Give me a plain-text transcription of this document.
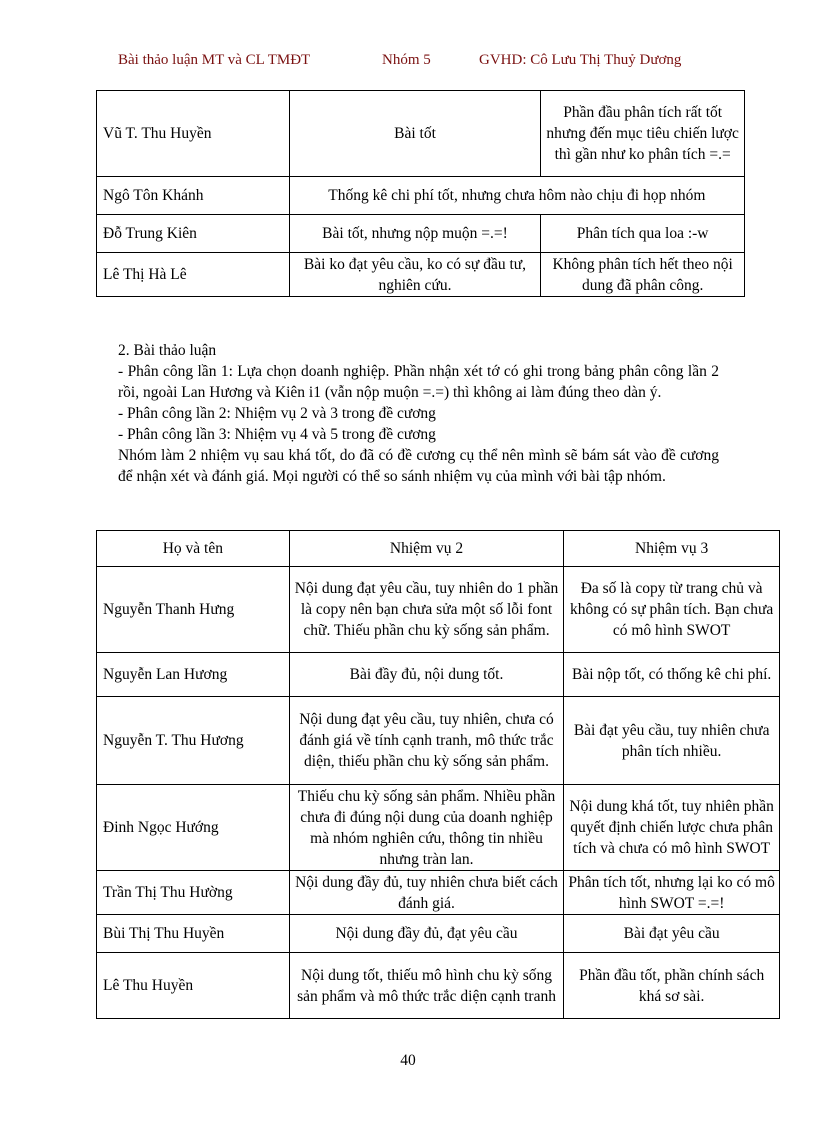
Bài thảo luận MT và CL TMĐT	Nhóm 5	GVHD: Cô Lưu Thị Thuỷ Dương
Vũ T. Thu Huyền	Bài tốt	Phần đầu phân tích rất tốt nhưng đến mục tiêu chiến lược thì gần như ko phân tích =.=
Ngô Tôn Khánh	Thống kê chi phí tốt, nhưng chưa hôm nào chịu đi họp nhóm	
Đỗ Trung Kiên	Bài tốt, nhưng nộp muộn =.=!	Phân tích qua loa :-w
Lê Thị Hà Lê	Bài ko đạt yêu cầu, ko có sự đầu tư, nghiên cứu.	Không phân tích hết theo nội dung đã phân công.

2. Bài thảo luận

- Phân công lần 1: Lựa chọn doanh nghiệp. Phần nhận xét tớ có ghi trong bảng phân công lần 2 rồi, ngoài Lan Hương và Kiên i1 (vẫn nộp muộn =.=) thì không ai làm đúng theo dàn ý.

- Phân công lần 2: Nhiệm vụ 2 và 3 trong đề cương

- Phân công lần 3: Nhiệm vụ 4 và 5 trong đề cương

Nhóm làm 2 nhiệm vụ sau khá tốt, do đã có đề cương cụ thể nên mình sẽ bám sát vào đề cương để nhận xét và đánh giá. Mọi người có thể so sánh nhiệm vụ của mình với bài tập nhóm.

Họ và tên	Nhiệm vụ 2	Nhiệm vụ 3
Nguyễn Thanh Hưng	Nội dung đạt yêu cầu, tuy nhiên do 1 phần là copy nên bạn chưa sửa một số lỗi font chữ. Thiếu phần chu kỳ sống sản phẩm.	Đa số là copy từ trang chủ và không có sự phân tích. Bạn chưa có mô hình SWOT
Nguyễn Lan Hương	Bài đầy đủ, nội dung tốt.	Bài nộp tốt, có thống kê chi phí.
Nguyễn T. Thu Hương	Nội dung đạt yêu cầu, tuy nhiên, chưa có đánh giá về tính cạnh tranh, mô thức trắc diện, thiếu phần chu kỳ sống sản phẩm.	Bài đạt yêu cầu, tuy nhiên chưa phân tích nhiều.
Đinh Ngọc Hướng	Thiếu chu kỳ sống sản phẩm. Nhiều phần chưa đi đúng nội dung của doanh nghiệp mà nhóm nghiên cứu, thông tin nhiều nhưng tràn lan.	Nội dung khá tốt, tuy nhiên phần quyết định chiến lược chưa phân tích và chưa có mô hình SWOT
Trần Thị Thu Hường	Nội dung đầy đủ, tuy nhiên chưa biết cách đánh giá.	Phân tích tốt, nhưng lại ko có mô hình SWOT =.=!
Bùi Thị Thu Huyền	Nội dung đầy đủ, đạt yêu cầu	Bài đạt yêu cầu
Lê Thu Huyền	Nội dung tốt, thiếu mô hình chu kỳ sống sản phẩm và mô thức trắc diện cạnh tranh	Phần đầu tốt, phần chính sách khá sơ sài.
40
